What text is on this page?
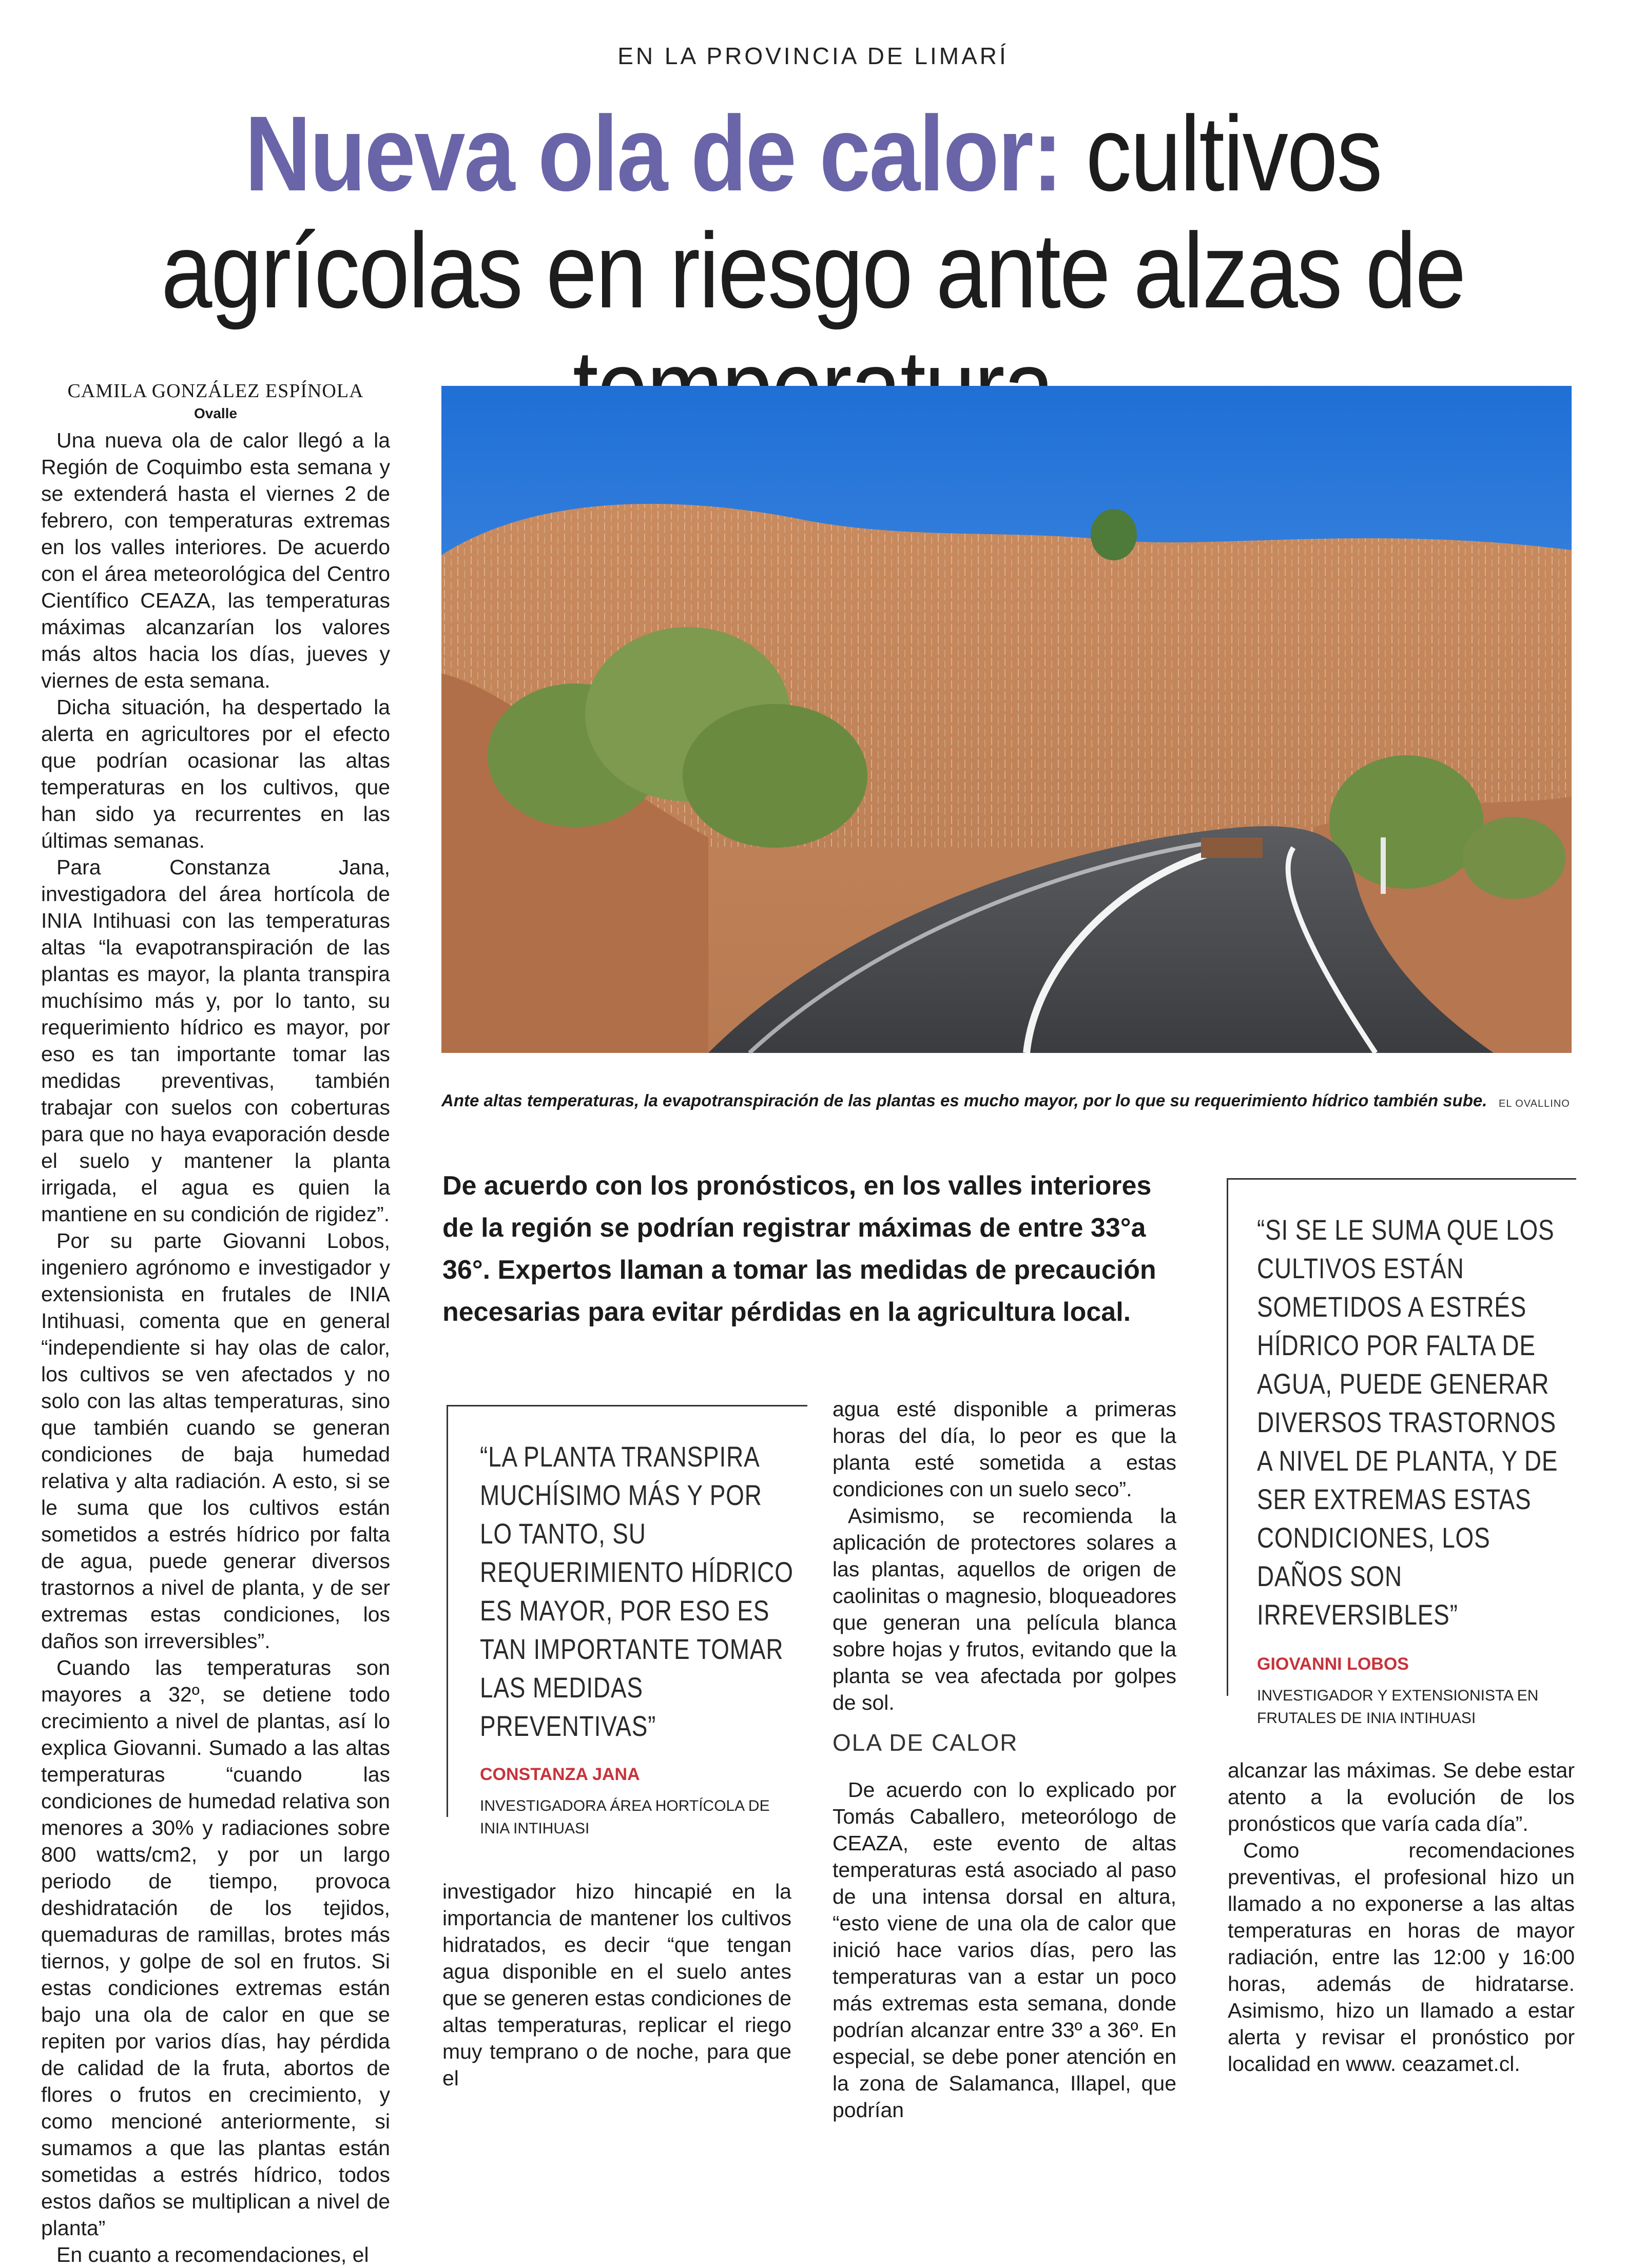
EN LA PROVINCIA DE LIMARÍ
Nueva ola de calor: cultivos agrícolas en riesgo ante alzas de
CAMILA GONZÁLEZ ESPÍNOLA
Ovalle

Una nueva ola de calor llegó a la Región de Coquimbo esta semana y se extenderá hasta el viernes 2 de febrero, con temperaturas extremas en los valles interiores. De acuerdo con el área meteorológica del Centro Científico CEAZA, las temperaturas máximas alcanzarían los valores más altos hacia los días, jueves y viernes de esta semana.

Dicha situación, ha despertado la alerta en agricultores por el efecto que podrían ocasionar las altas temperaturas en los cultivos, que han sido ya recurrentes en las últimas semanas.

Para Constanza Jana, investigadora del área hortícola de INIA Intihuasi con las temperaturas altas “la evapotranspiración de las plantas es mayor, la planta transpira muchísimo más y, por lo tanto, su requerimiento hídrico es mayor, por eso es tan importante tomar las medidas preventivas, también trabajar con suelos con coberturas para que no haya evaporación desde el suelo y mantener la planta irrigada, el agua es quien la mantiene en su condición de rigidez”.

Por su parte Giovanni Lobos, ingeniero agrónomo e investigador y extensionista en frutales de INIA Intihuasi, comenta que en general “independiente si hay olas de calor, los cultivos se ven afectados y no solo con las altas temperaturas, sino que también cuando se generan condiciones de baja humedad relativa y alta radiación. A esto, si se le suma que los cultivos están sometidos a estrés hídrico por falta de agua, puede generar diversos trastornos a nivel de planta, y de ser extremas estas condiciones, los daños son irreversibles”.

Cuando las temperaturas son mayores a 32º, se detiene todo crecimiento a nivel de plantas, así lo explica Giovanni. Sumado a las altas temperaturas “cuando las condiciones de humedad relativa son menores a 30% y radiaciones sobre 800 watts/cm2, y por un largo periodo de tiempo, provoca deshidratación de los tejidos, quemaduras de ramillas, brotes más tiernos, y golpe de sol en frutos. Si estas condiciones extremas están bajo una ola de calor en que se repiten por varios días, hay pérdida de calidad de la fruta, abortos de flores o frutos en crecimiento, y como mencioné anteriormente, si sumamos a que las plantas están sometidas a estrés hídrico, todos estos daños se multiplican a nivel de planta”

En cuanto a recomendaciones, el

Ante altas temperaturas, la evapotranspiración de las plantas es mucho mayor, por lo que su requerimiento hídrico también sube. EL OVALLINO
De acuerdo con los pronósticos, en los valles interiores de la región se podrían registrar máximas de entre 33°a 36°. Expertos llaman a tomar las medidas de precaución necesarias para evitar pérdidas en la agricultura local.
“LA PLANTA TRANSPIRA MUCHÍSIMO MÁS Y POR LO TANTO, SU REQUERIMIENTO HÍDRICO ES MAYOR, POR ESO ES TAN IMPORTANTE TOMAR LAS MEDIDAS PREVENTIVAS”
CONSTANZA JANA
INVESTIGADORA ÁREA HORTÍCOLA DE INIA INTIHUASI

investigador hizo hincapié en la importancia de mantener los cultivos hidratados, es decir “que tengan agua disponible en el suelo antes que se generen estas condiciones de altas temperaturas, replicar el riego muy temprano o de noche, para que el

agua esté disponible a primeras horas del día, lo peor es que la planta esté sometida a estas condiciones con un suelo seco”.

Asimismo, se recomienda la aplicación de protectores solares a las plantas, aquellos de origen de caolinitas o magnesio, bloqueadores que generan una película blanca sobre hojas y frutos, evitando que la planta se vea afectada por golpes de sol.

OLA DE CALOR

De acuerdo con lo explicado por Tomás Caballero, meteorólogo de CEAZA, este evento de altas temperaturas está asociado al paso de una intensa dorsal en altura, “esto viene de una ola de calor que inició hace varios días, pero las temperaturas van a estar un poco más extremas esta semana, donde podrían alcanzar entre 33º a 36º. En especial, se debe poner atención en la zona de Salamanca, Illapel, que podrían

“SI SE LE SUMA QUE LOS CULTIVOS ESTÁN SOMETIDOS A ESTRÉS HÍDRICO POR FALTA DE AGUA, PUEDE GENERAR DIVERSOS TRASTORNOS A NIVEL DE PLANTA, Y DE SER EXTREMAS ESTAS CONDICIONES, LOS DAÑOS SON IRREVERSIBLES”
GIOVANNI LOBOS
INVESTIGADOR Y EXTENSIONISTA EN FRUTALES DE INIA INTIHUASI

alcanzar las máximas. Se debe estar atento a la evolución de los pronósticos que varía cada día”.

Como recomendaciones preventivas, el profesional hizo un llamado a no exponerse a las altas temperaturas en horas de mayor radiación, entre las 12:00 y 16:00 horas, además de hidratarse. Asimismo, hizo un llamado a estar alerta y revisar el pronóstico por localidad en www. ceazamet.cl.
